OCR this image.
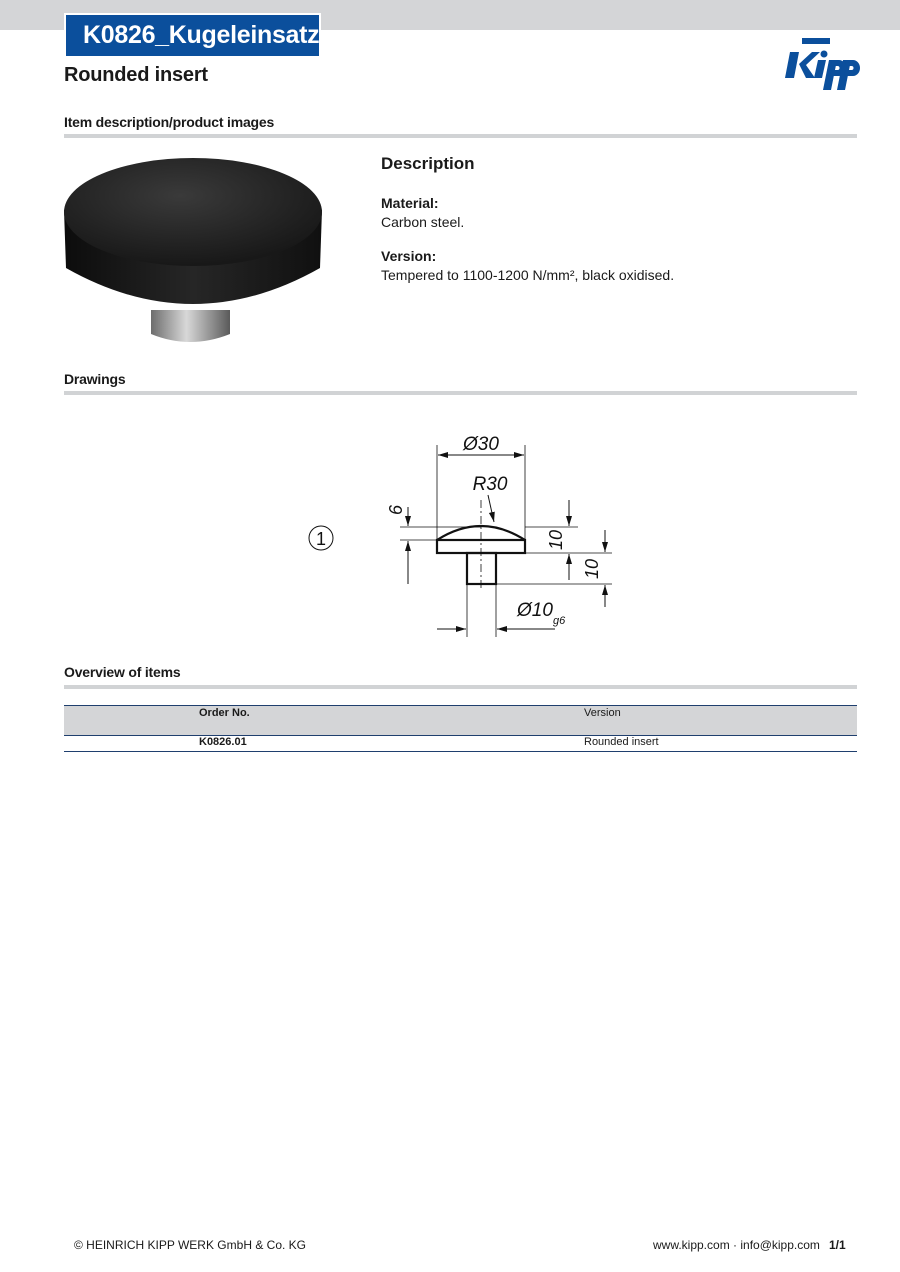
K0826_Kugeleinsatz
Rounded insert
Item description/product images
Description
Material:
Carbon steel.
Version:
Tempered to 1100-1200 N/mm², black oxidised.
Drawings
1
Ø30
R30
6
10
10
Ø10 g6
Overview of items
Order No.	Version
K0826.01	Rounded insert
© HEINRICH KIPP WERK GmbH & Co. KG	www.kipp.com · info@kipp.com 1/1
